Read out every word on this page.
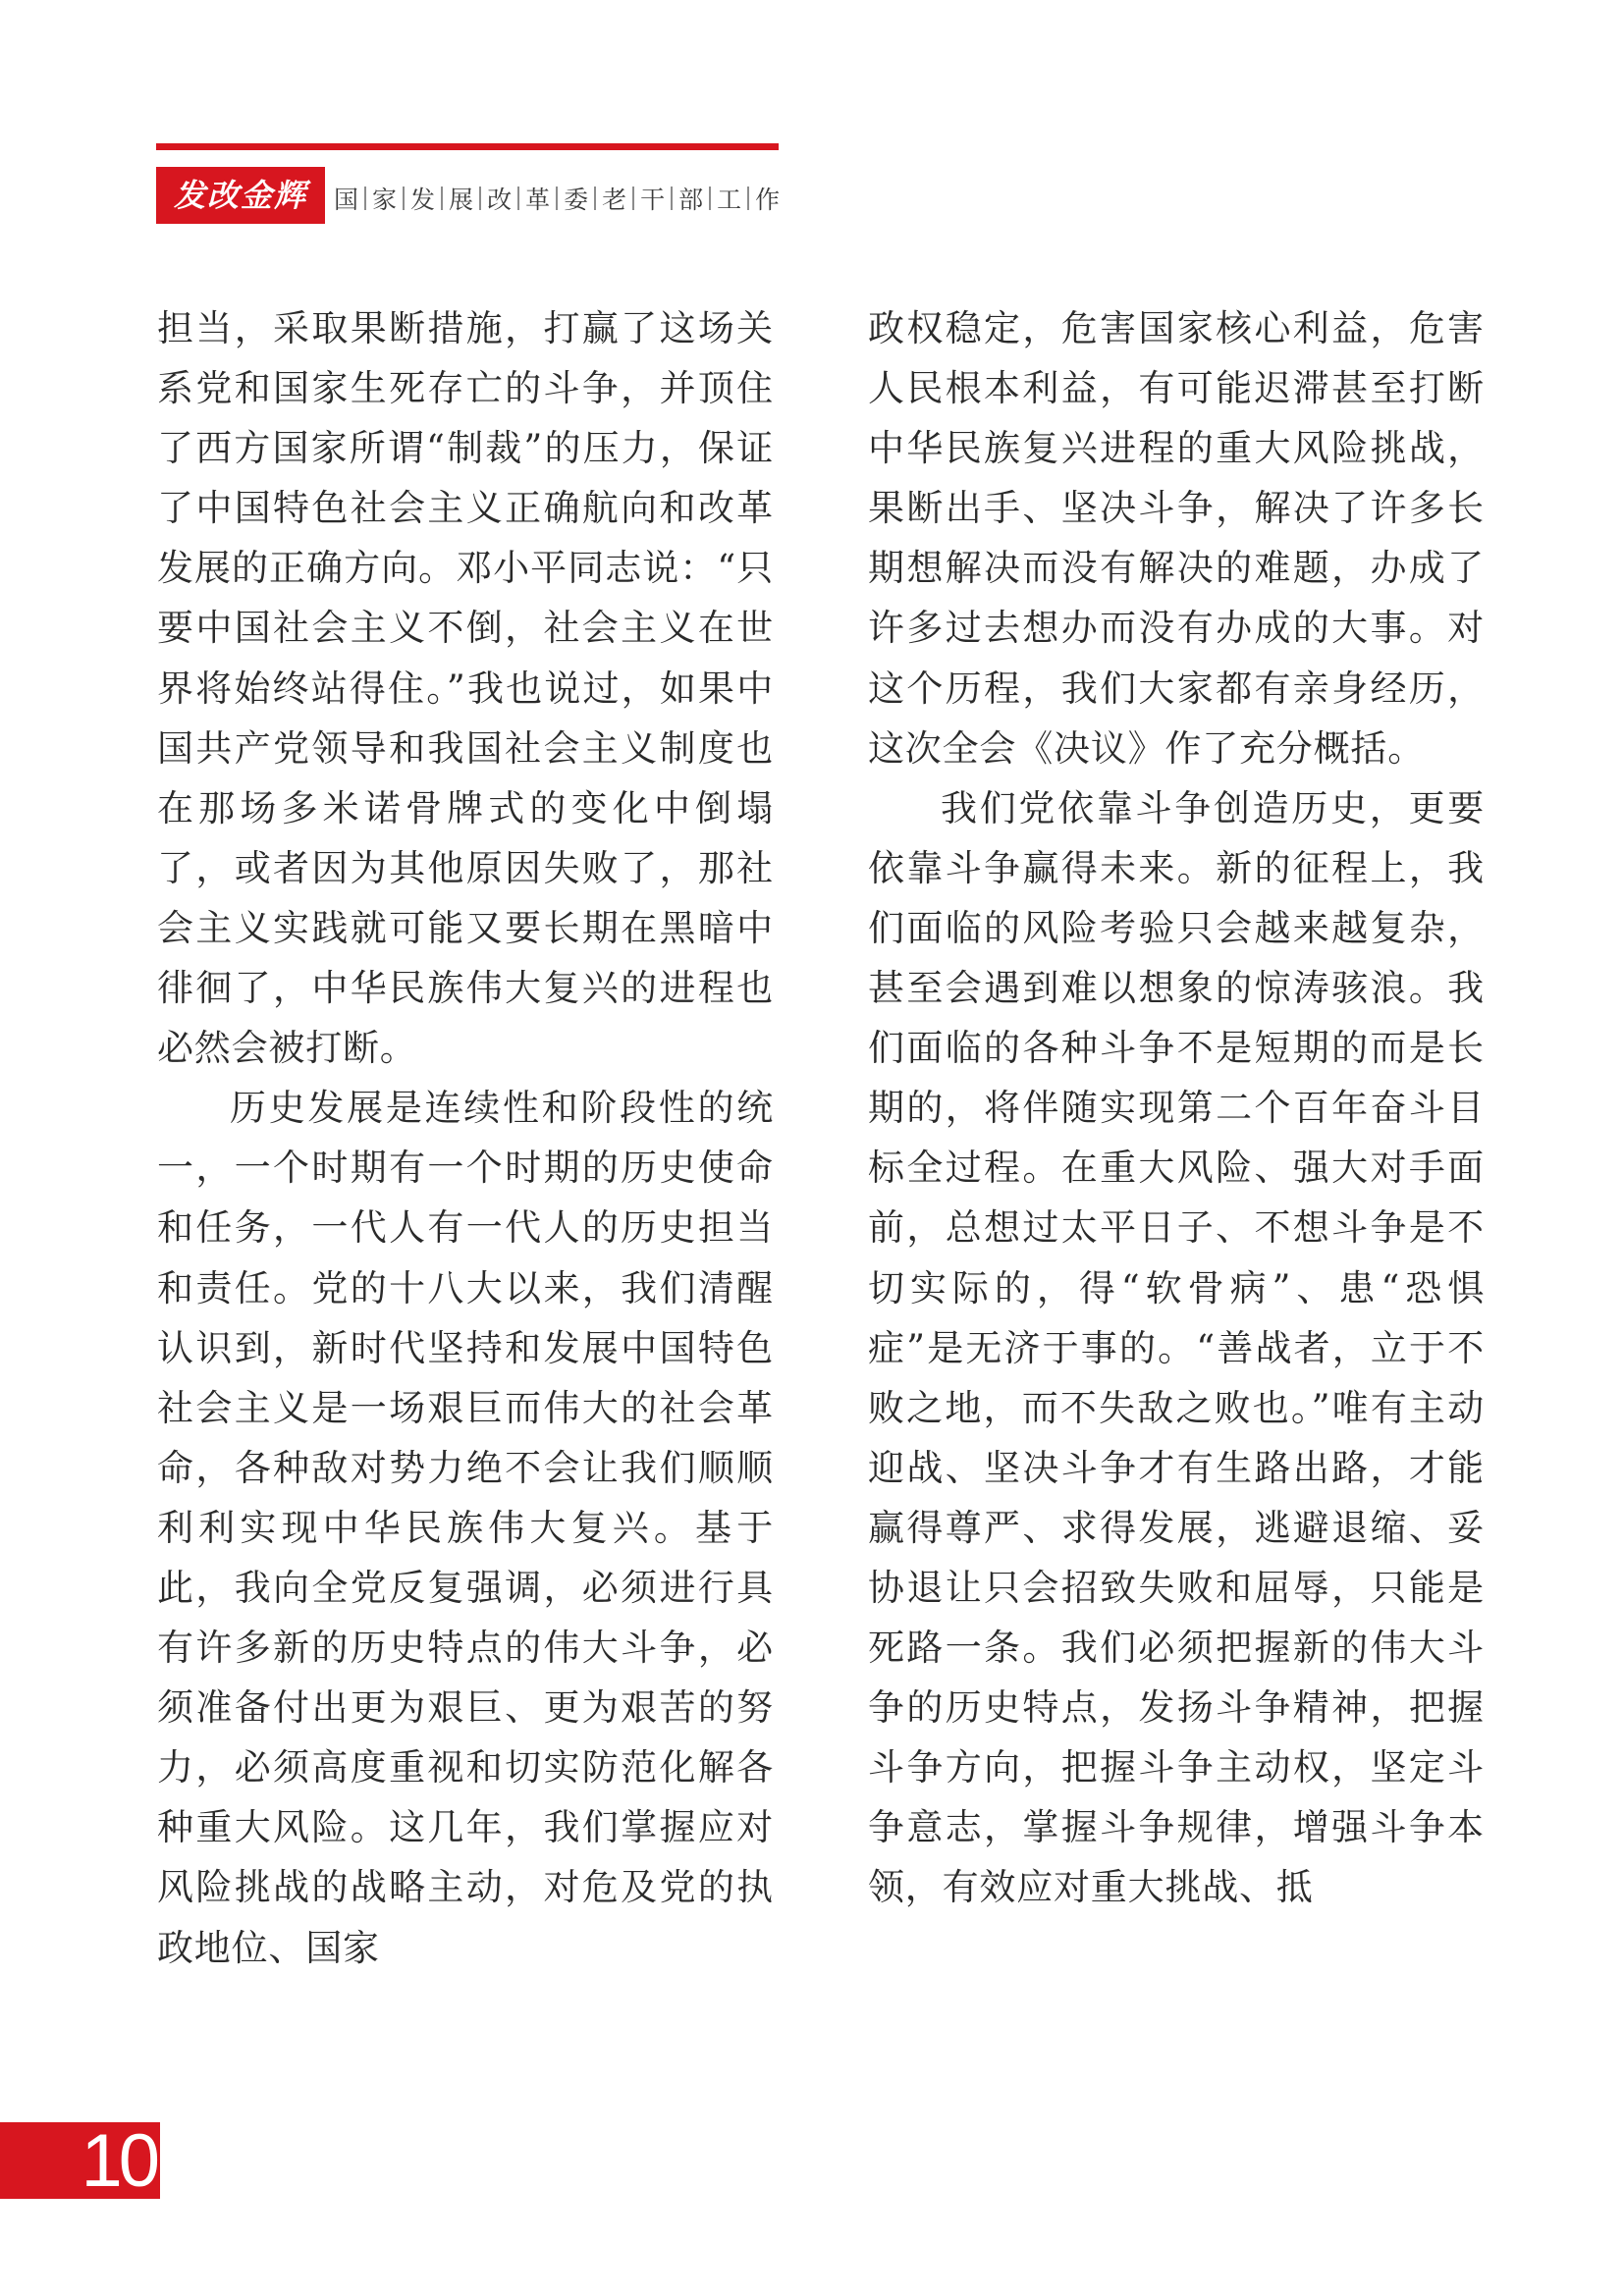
发改金辉	国 家 发 展 改 革 委 老 干 部 工 作

担当，采取果断措施，打赢了这场关系党和国家生死存亡的斗争，并顶住了西方国家所谓“制裁”的压力，保证了中国特色社会主义正确航向和改革发展的正确方向。邓小平同志说：“只要中国社会主义不倒，社会主义在世界将始终站得住。”我也说过，如果中国共产党领导和我国社会主义制度也在那场多米诺骨牌式的变化中倒塌了，或者因为其他原因失败了，那社会主义实践就可能又要长期在黑暗中徘徊了，中华民族伟大复兴的进程也必然会被打断。

历史发展是连续性和阶段性的统一，一个时期有一个时期的历史使命和任务，一代人有一代人的历史担当和责任。党的十八大以来，我们清醒认识到，新时代坚持和发展中国特色社会主义是一场艰巨而伟大的社会革命，各种敌对势力绝不会让我们顺顺利利实现中华民族伟大复兴。基于此，我向全党反复强调，必须进行具有许多新的历史特点的伟大斗争，必须准备付出更为艰巨、更为艰苦的努力，必须高度重视和切实防范化解各种重大风险。这几年，我们掌握应对风险挑战的战略主动，对危及党的执政地位、国家

政权稳定，危害国家核心利益，危害人民根本利益，有可能迟滞甚至打断中华民族复兴进程的重大风险挑战，果断出手、坚决斗争，解决了许多长期想解决而没有解决的难题，办成了许多过去想办而没有办成的大事。对这个历程，我们大家都有亲身经历，这次全会《决议》作了充分概括。

我们党依靠斗争创造历史，更要依靠斗争赢得未来。新的征程上，我们面临的风险考验只会越来越复杂，甚至会遇到难以想象的惊涛骇浪。我们面临的各种斗争不是短期的而是长期的，将伴随实现第二个百年奋斗目标全过程。在重大风险、强大对手面前，总想过太平日子、不想斗争是不切实际的，得“软骨病”、患“恐惧症”是无济于事的。“善战者，立于不败之地，而不失敌之败也。”唯有主动迎战、坚决斗争才有生路出路，才能赢得尊严、求得发展，逃避退缩、妥协退让只会招致失败和屈辱，只能是死路一条。我们必须把握新的伟大斗争的历史特点，发扬斗争精神，把握斗争方向，把握斗争主动权，坚定斗争意志，掌握斗争规律，增强斗争本领，有效应对重大挑战、抵

10
